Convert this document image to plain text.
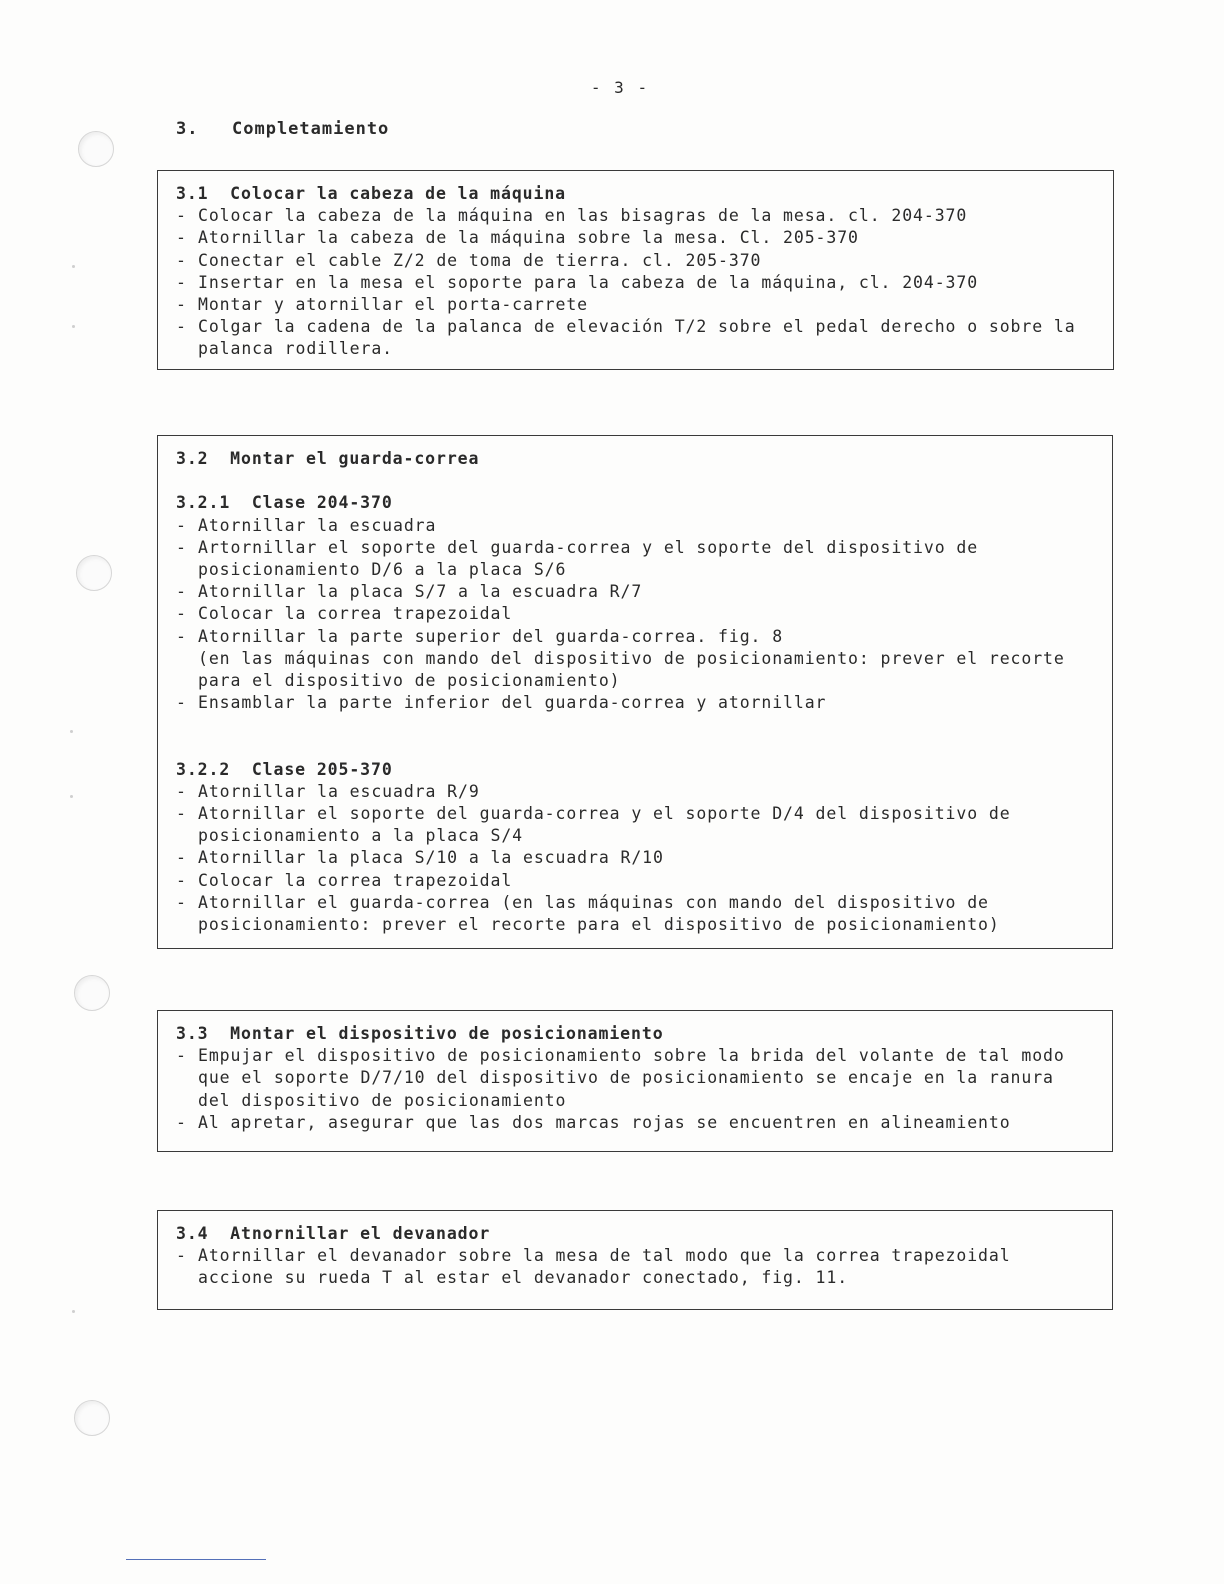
- 3 -
3. Completamiento
3.1  Colocar la cabeza de la máquina
- Colocar la cabeza de la máquina en las bisagras de la mesa. cl. 204-370
- Atornillar la cabeza de la máquina sobre la mesa. Cl. 205-370
- Conectar el cable Z/2 de toma de tierra. cl. 205-370
- Insertar en la mesa el soporte para la cabeza de la máquina, cl. 204-370
- Montar y atornillar el porta-carrete
- Colgar la cadena de la palanca de elevación T/2 sobre el pedal derecho o sobre la
palanca rodillera.
3.2  Montar el guarda-correa
3.2.1  Clase 204-370
- Atornillar la escuadra
- Artornillar el soporte del guarda-correa y el soporte del dispositivo de
posicionamiento D/6 a la placa S/6
- Atornillar la placa S/7 a la escuadra R/7
- Colocar la correa trapezoidal
- Atornillar la parte superior del guarda-correa. fig. 8
(en las máquinas con mando del dispositivo de posicionamiento: prever el recorte
para el dispositivo de posicionamiento)
- Ensamblar la parte inferior del guarda-correa y atornillar
3.2.2  Clase 205-370
- Atornillar la escuadra R/9
- Atornillar el soporte del guarda-correa y el soporte D/4 del dispositivo de
posicionamiento a la placa S/4
- Atornillar la placa S/10 a la escuadra R/10
- Colocar la correa trapezoidal
- Atornillar el guarda-correa (en las máquinas con mando del dispositivo de
posicionamiento: prever el recorte para el dispositivo de posicionamiento)
3.3  Montar el dispositivo de posicionamiento
- Empujar el dispositivo de posicionamiento sobre la brida del volante de tal modo
que el soporte D/7/10 del dispositivo de posicionamiento se encaje en la ranura
del dispositivo de posicionamiento
- Al apretar, asegurar que las dos marcas rojas se encuentren en alineamiento
3.4  Atnornillar el devanador
- Atornillar el devanador sobre la mesa de tal modo que la correa trapezoidal
accione su rueda T al estar el devanador conectado, fig. 11.
